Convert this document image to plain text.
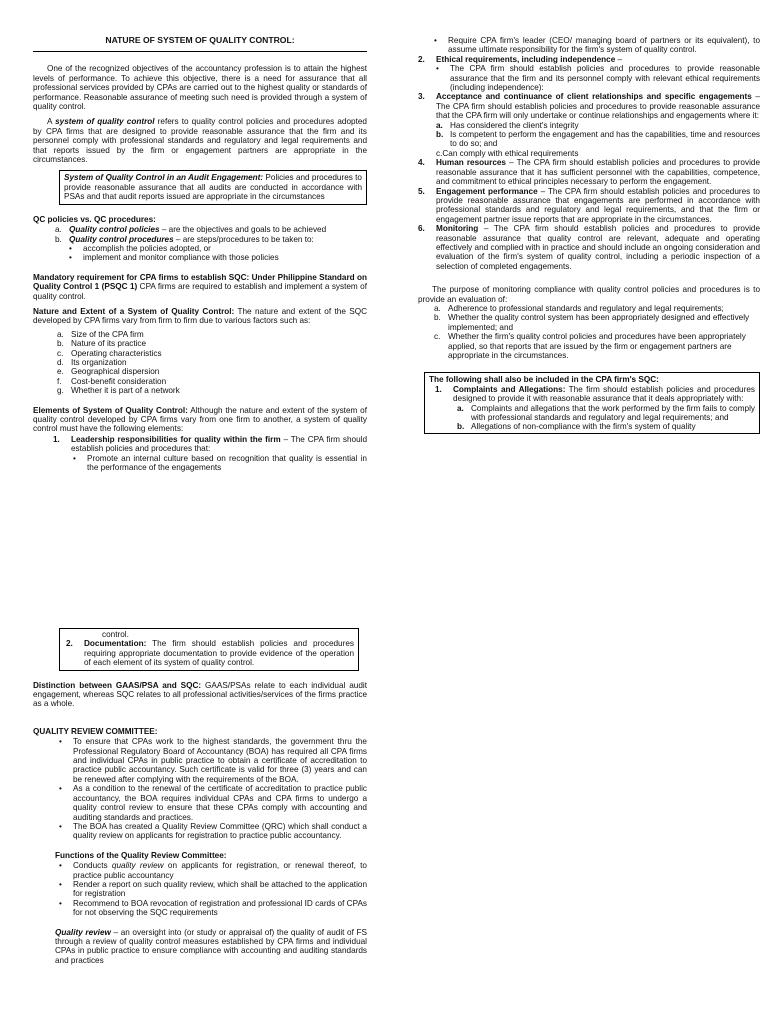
NATURE OF SYSTEM OF QUALITY CONTROL:

One of the recognized objectives of the accountancy profession is to attain the highest levels of performance. To achieve this objective, there is a need for assurance that all professional services provided by CPAs are carried out to the highest quality or standards of performance. Reasonable assurance of meeting such need is provided through a system of quality control.

A system of quality control refers to quality control policies and procedures adopted by CPA firms that are designed to provide reasonable assurance that the firm and its personnel comply with professional standards and regulatory and legal requirements and that reports issued by the firm or engagement partners are appropriate in the circumstances.

System of Quality Control in an Audit Engagement: Policies and procedures to provide reasonable assurance that all audits are conducted in accordance with PSAs and that audit reports issued are appropriate in the circumstances
QC policies vs. QC procedures:
a. Quality control policies – are the objectives and goals to be achieved
b. Quality control procedures – are steps/procedures to be taken to:
• accomplish the policies adopted, or
• implement and monitor compliance with those policies

Mandatory requirement for CPA firms to establish SQC: Under Philippine Standard on Quality Control 1 (PSQC 1) CPA firms are required to establish and implement a system of quality control.

Nature and Extent of a System of Quality Control: The nature and extent of the SQC developed by CPA firms vary from firm to firm due to various factors such as:

a. Size of the CPA firm
b. Nature of its practice
c. Operating characteristics
d. Its organization
e. Geographical dispersion
f. Cost-benefit consideration
g. Whether it is part of a network

Elements of System of Quality Control: Although the nature and extent of the system of quality control developed by CPA firms vary from one firm to another, a system of quality control must have the following elements:

1. Leadership responsibilities for quality within the firm – The CPA firm should establish policies and procedures that:
• Promote an internal culture based on recognition that quality is essential in the performance of the engagements
control.
2. Documentation: The firm should establish policies and procedures requiring appropriate documentation to provide evidence of the operation of each element of its system of quality control.

Distinction between GAAS/PSA and SQC: GAAS/PSAs relate to each individual audit engagement, whereas SQC relates to all professional activities/services of the firms practice as a whole.

QUALITY REVIEW COMMITTEE:
• To ensure that CPAs work to the highest standards, the government thru the Professional Regulatory Board of Accountancy (BOA) has required all CPA firms and individual CPAs in public practice to obtain a certificate of accreditation to practice public accountancy. Such certificate is valid for three (3) years and can be renewed after complying with the requirements of the BOA.
• As a condition to the renewal of the certificate of accreditation to practice public accountancy, the BOA requires individual CPAs and CPA firms to undergo a quality control review to ensure that these CPAs comply with accounting and auditing standards and practices.
• The BOA has created a Quality Review Committee (QRC) which shall conduct a quality review on applicants for registration to practice public accountancy.
Functions of the Quality Review Committee:
• Conducts quality review on applicants for registration, or renewal thereof, to practice public accountancy
• Render a report on such quality review, which shall be attached to the application for registration
• Recommend to BOA revocation of registration and professional ID cards of CPAs for not observing the SQC requirements

Quality review – an oversight into (or study or appraisal of) the quality of audit of FS through a review of quality control measures established by CPA firms and individual CPAs in public practice to ensure compliance with accounting and auditing standards and practices

• Require CPA firm's leader (CEO/ managing board of partners or its equivalent), to assume ultimate responsibility for the firm's system of quality control.
2. Ethical requirements, including independence –
• The CPA firm should establish policies and procedures to provide reasonable assurance that the firm and its personnel comply with relevant ethical requirements (including independence):
3. Acceptance and continuance of client relationships and specific engagements – The CPA firm should establish policies and procedures to provide reasonable assurance that the CPA firm will only undertake or continue relationships and engagements where it:
a. Has considered the client's integrity
b. Is competent to perform the engagement and has the capabilities, time and resources to do so; and
c.Can comply with ethical requirements
4. Human resources – The CPA firm should establish policies and procedures to provide reasonable assurance that it has sufficient personnel with the capabilities, competence, and commitment to ethical principles necessary to perform the engagement.
5. Engagement performance – The CPA firm should establish policies and procedures to provide reasonable assurance that engagements are performed in accordance with professional standards and regulatory and legal requirements, and that the firm or engagement partner issue reports that are appropriate in the circumstances.
6. Monitoring – The CPA firm should establish policies and procedures to provide reasonable assurance that quality control are relevant, adequate and operating effectively and complied with in practice and should include an ongoing consideration and evaluation of the firm's system of quality control, including a periodic inspection of a selection of completed engagements.

The purpose of monitoring compliance with quality control policies and procedures is to provide an evaluation of:

a. Adherence to professional standards and regulatory and legal requirements;
b. Whether the quality control system has been appropriately designed and effectively implemented; and
c. Whether the firm's quality control policies and procedures have been appropriately applied, so that reports that are issued by the firm or engagement partners are appropriate in the circumstances.
The following shall also be included in the CPA firm's SQC:
1. Complaints and Allegations: The firm should establish policies and procedures designed to provide it with reasonable assurance that it deals appropriately with:
a. Complaints and allegations that the work performed by the firm fails to comply with professional standards and regulatory and legal requirements; and
b. Allegations of non-compliance with the firm's system of quality
